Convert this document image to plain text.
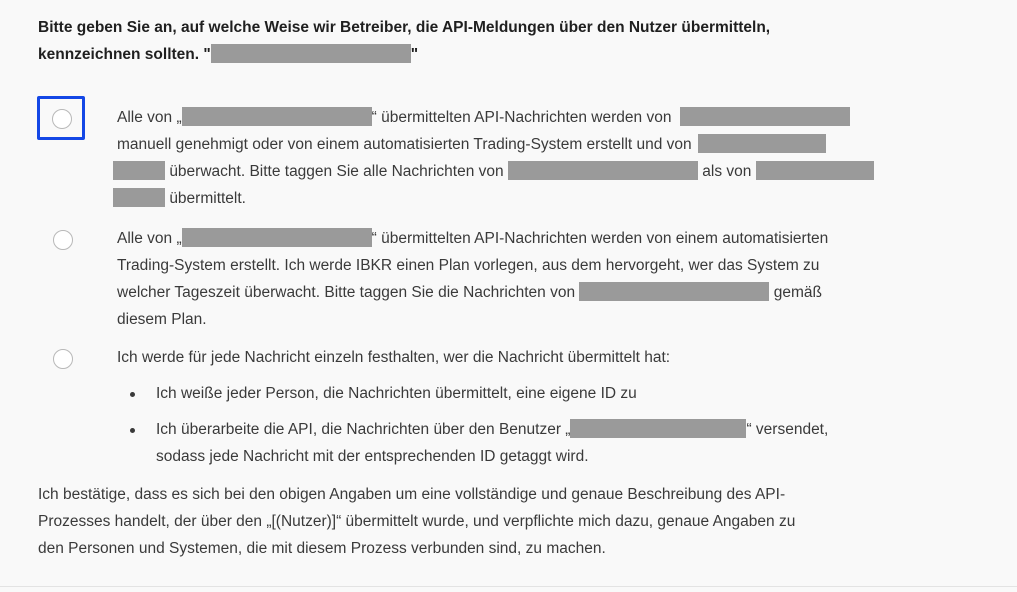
Bitte geben Sie an, auf welche Weise wir Betreiber, die API-Meldungen über den Nutzer übermitteln,
kennzeichnen sollten. "	"
Alle von „	“ übermittelten API-Nachrichten werden von
manuell genehmigt oder von einem automatisierten Trading-System erstellt und von
überwacht. Bitte taggen Sie alle Nachrichten von	als von
übermittelt.
Alle von „	“ übermittelten API-Nachrichten werden von einem automatisierten
Trading-System erstellt. Ich werde IBKR einen Plan vorlegen, aus dem hervorgeht, wer das System zu
welcher Tageszeit überwacht. Bitte taggen Sie die Nachrichten von	gemäß
diesem Plan.
Ich werde für jede Nachricht einzeln festhalten, wer die Nachricht übermittelt hat:
Ich weiße jeder Person, die Nachrichten übermittelt, eine eigene ID zu
Ich überarbeite die API, die Nachrichten über den Benutzer „	“ versendet,
sodass jede Nachricht mit der entsprechenden ID getaggt wird.
Ich bestätige, dass es sich bei den obigen Angaben um eine vollständige und genaue Beschreibung des API-
Prozesses handelt, der über den „[(Nutzer)]“ übermittelt wurde, und verpflichte mich dazu, genaue Angaben zu
den Personen und Systemen, die mit diesem Prozess verbunden sind, zu machen.
